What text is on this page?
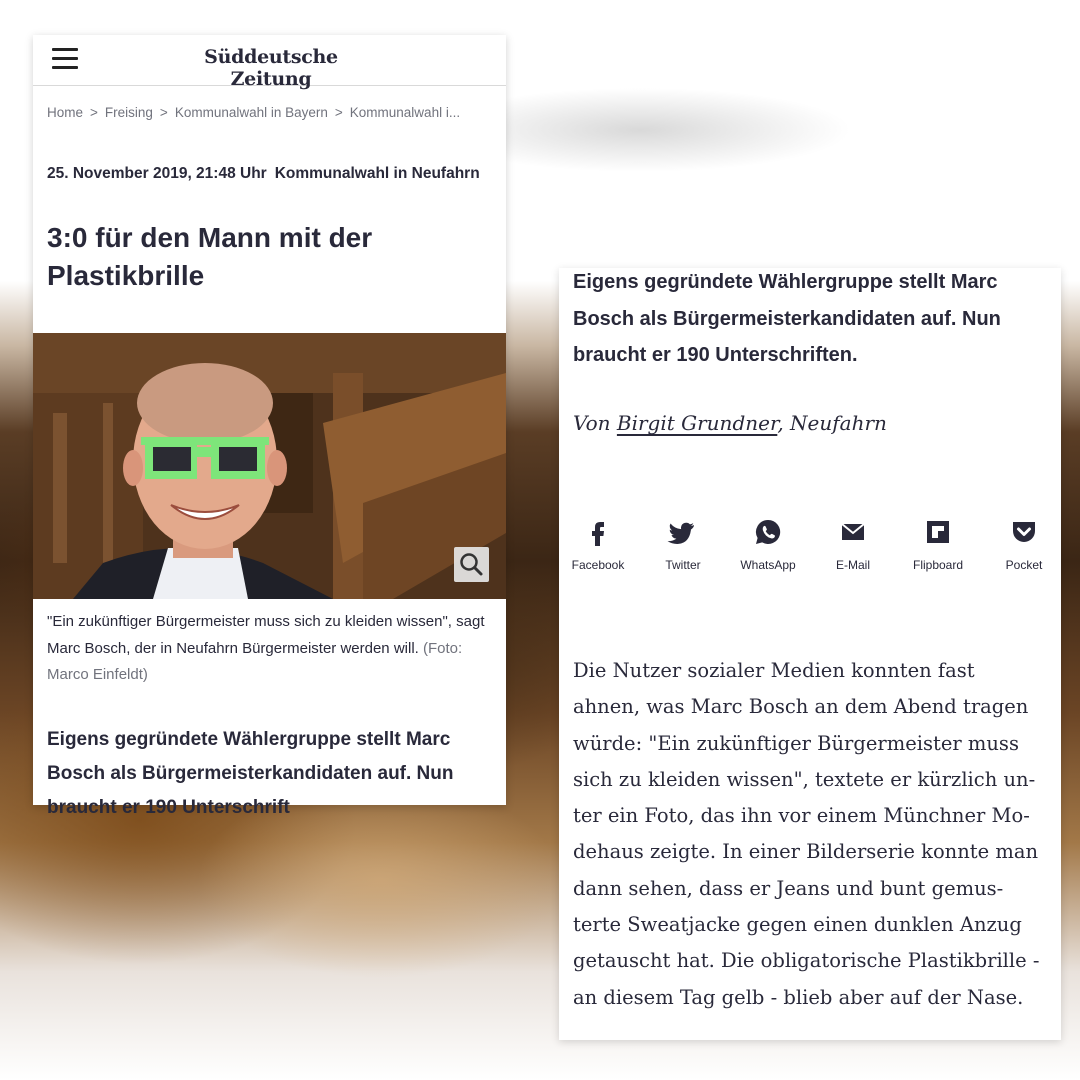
Süddeutsche Zeitung
Home > Freising > Kommunalwahl in Bayern > Kommunalwahl i...
25. November 2019, 21:48 Uhr Kommunalwahl in Neufahrn
3:0 für den Mann mit der Plastikbrille
"Ein zukünftiger Bürgermeister muss sich zu kleiden wissen", sagt Marc Bosch, der in Neufahrn Bürgermeister werden will. (Foto: Marco Einfeldt)
Eigens gegründete Wählergruppe stellt Marc Bosch als Bürgermeisterkandidaten auf. Nun braucht er 190 Unterschrift
Eigens gegründete Wählergruppe stellt Marc Bosch als Bürgermeisterkandidaten auf. Nun braucht er 190 Unterschriften.
Von Birgit Grundner, Neufahrn
Facebook	Twitter	WhatsApp	E-Mail	Flipboard	Pocket

Die Nutzer sozialer Medien konnten fast

ahnen, was Marc Bosch an dem Abend tragen

würde: "Ein zukünftiger Bürgermeister muss

sich zu kleiden wissen", textete er kürzlich un-

ter ein Foto, das ihn vor einem Münchner Mo-

dehaus zeigte. In einer Bilderserie konnte man

dann sehen, dass er Jeans und bunt gemus-

terte Sweatjacke gegen einen dunklen Anzug

getauscht hat. Die obligatorische Plastikbrille -

an diesem Tag gelb - blieb aber auf der Nase.
